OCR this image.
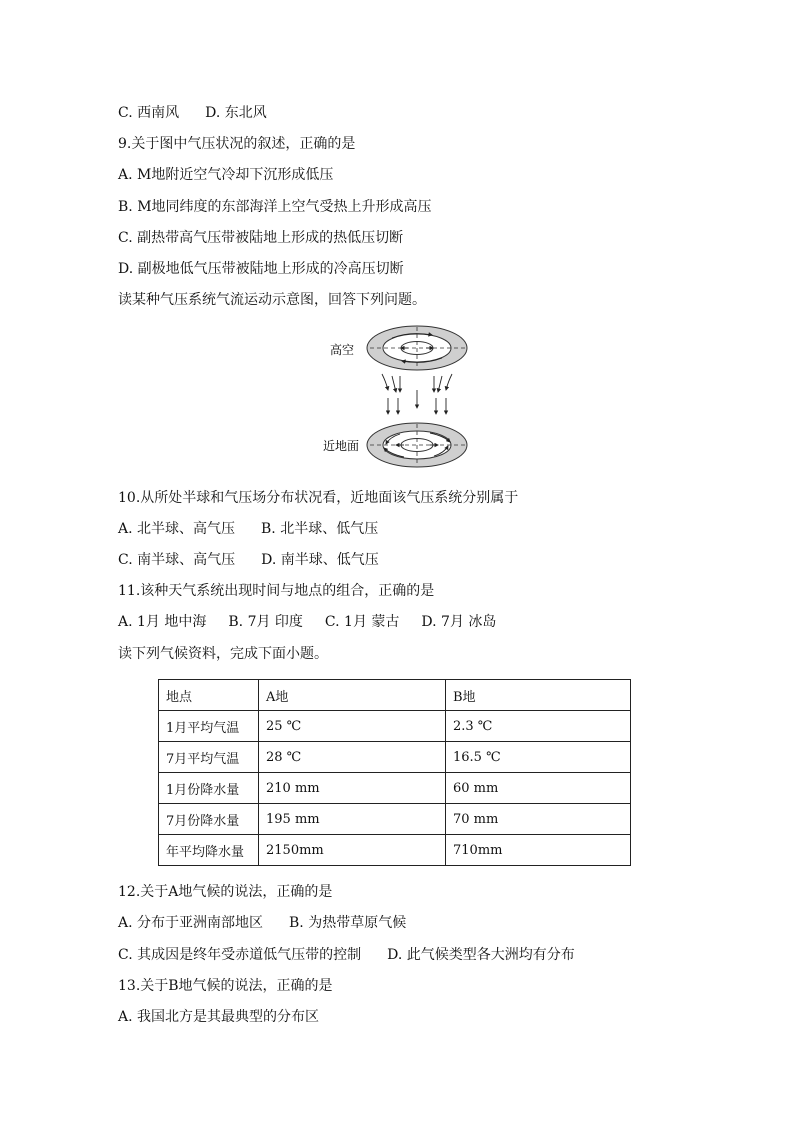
C. 西南风 D. 东北风
9.关于图中气压状况的叙述，正确的是
A. M地附近空气冷却下沉形成低压
B. M地同纬度的东部海洋上空气受热上升形成高压
C. 副热带高气压带被陆地上形成的热低压切断
D. 副极地低气压带被陆地上形成的冷高压切断
读某种气压系统气流运动示意图，回答下列问题。
高空
近地面
10.从所处半球和气压场分布状况看，近地面该气压系统分别属于
A. 北半球、高气压 B. 北半球、低气压
C. 南半球、高气压 D. 南半球、低气压
11.该种天气系统出现时间与地点的组合，正确的是
A. 1月 地中海 B. 7月 印度 C. 1月 蒙古 D. 7月 冰岛
读下列气候资料，完成下面小题。
地点	A地	B地
1月平均气温	25 ℃	2.3 ℃
7月平均气温	28 ℃	16.5 ℃
1月份降水量	210 mm	60 mm
7月份降水量	195 mm	70 mm
年平均降水量	2150mm	710mm
12.关于A地气候的说法，正确的是
A. 分布于亚洲南部地区 B. 为热带草原气候
C. 其成因是终年受赤道低气压带的控制 D. 此气候类型各大洲均有分布
13.关于B地气候的说法，正确的是
A. 我国北方是其最典型的分布区
